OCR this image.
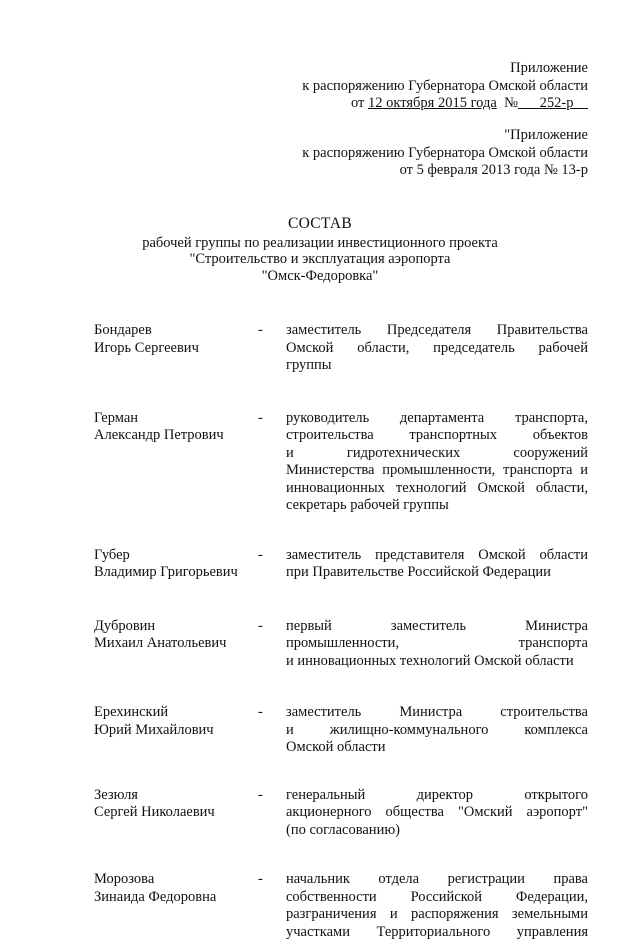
Приложение
к распоряжению Губернатора Омской области
от 12 октября 2015 года № 252-р
"Приложение
к распоряжению Губернатора Омской области
от 5 февраля 2013 года № 13-р
СОСТАВ
рабочей группы по реализации инвестиционного проекта
"Строительство и эксплуатация аэропорта
"Омск-Федоровка"
Бондарев
Игорь Сергеевич
-	заместитель Председателя Правительства
Омской области, председатель рабочей
группы
Герман
Александр Петрович
-	руководитель департамента транспорта,
строительства транспортных объектов
и гидротехнических сооружений
Министерства промышленности, транспорта и
инновационных технологий Омской области,
секретарь рабочей группы
Губер
Владимир Григорьевич
-	заместитель представителя Омской области
при Правительстве Российской Федерации
Дубровин
Михаил Анатольевич
-	первый заместитель Министра
промышленности, транспорта
и инновационных технологий Омской области
Ерехинский
Юрий Михайлович
-	заместитель Министра строительства
и жилищно-коммунального комплекса
Омской области
Зезюля
Сергей Николаевич
-	генеральный директор открытого
акционерного общества "Омский аэропорт"
(по согласованию)
Морозова
Зинаида Федоровна
-	начальник отдела регистрации права
собственности Российской Федерации,
разграничения и распоряжения земельными
участками Территориального управления
